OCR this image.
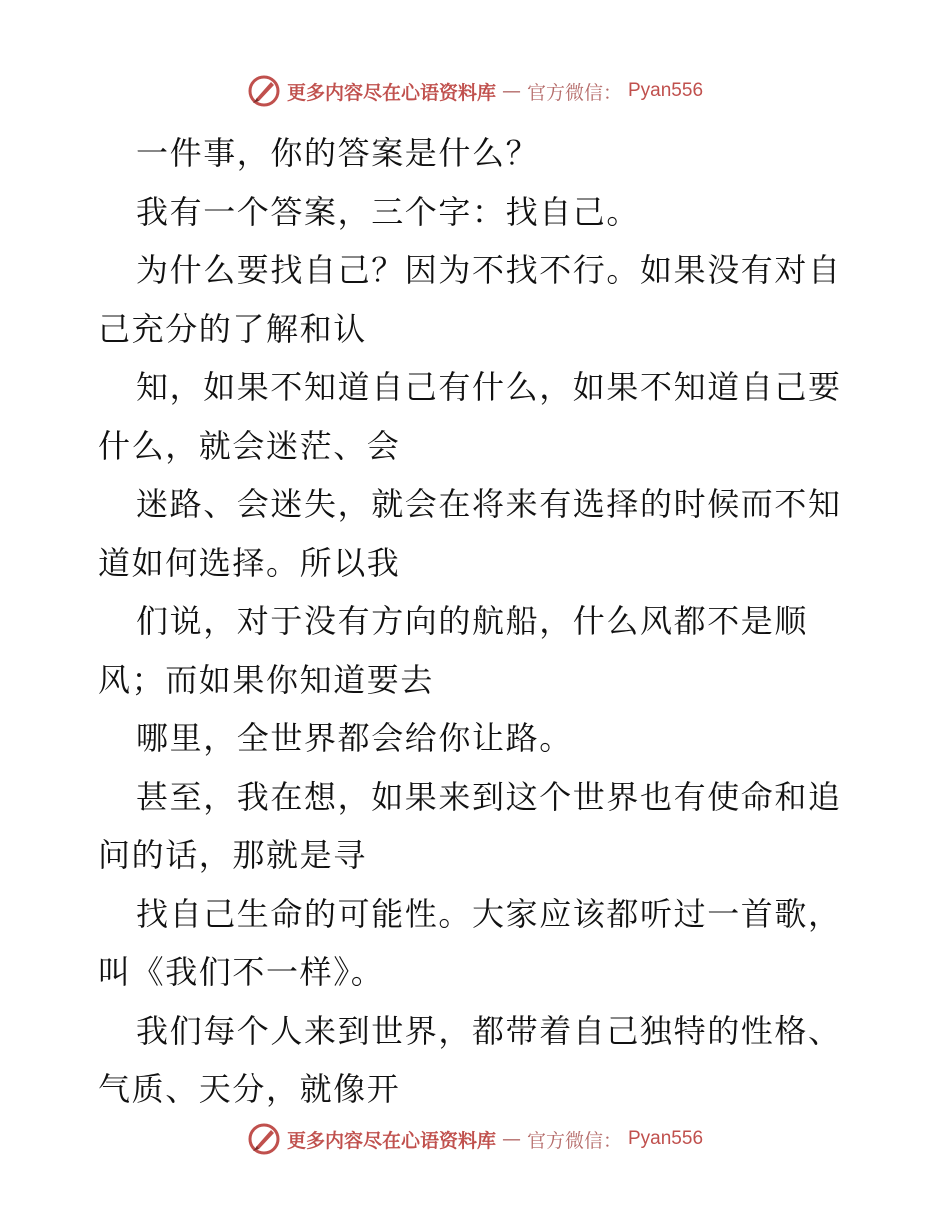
更多内容尽在心语资料库 — 官方微信： Pyan556
一件事，你的答案是什么？
我有一个答案，三个字：找自己。
为什么要找自己？因为不找不行。如果没有对自
己充分的了解和认
知，如果不知道自己有什么，如果不知道自己要
什么，就会迷茫、会
迷路、会迷失，就会在将来有选择的时候而不知
道如何选择。所以我
们说，对于没有方向的航船，什么风都不是顺
风；而如果你知道要去
哪里，全世界都会给你让路。
甚至，我在想，如果来到这个世界也有使命和追
问的话，那就是寻
找自己生命的可能性。大家应该都听过一首歌，
叫《我们不一样》。
我们每个人来到世界，都带着自己独特的性格、
气质、天分，就像开
更多内容尽在心语资料库 — 官方微信： Pyan556
